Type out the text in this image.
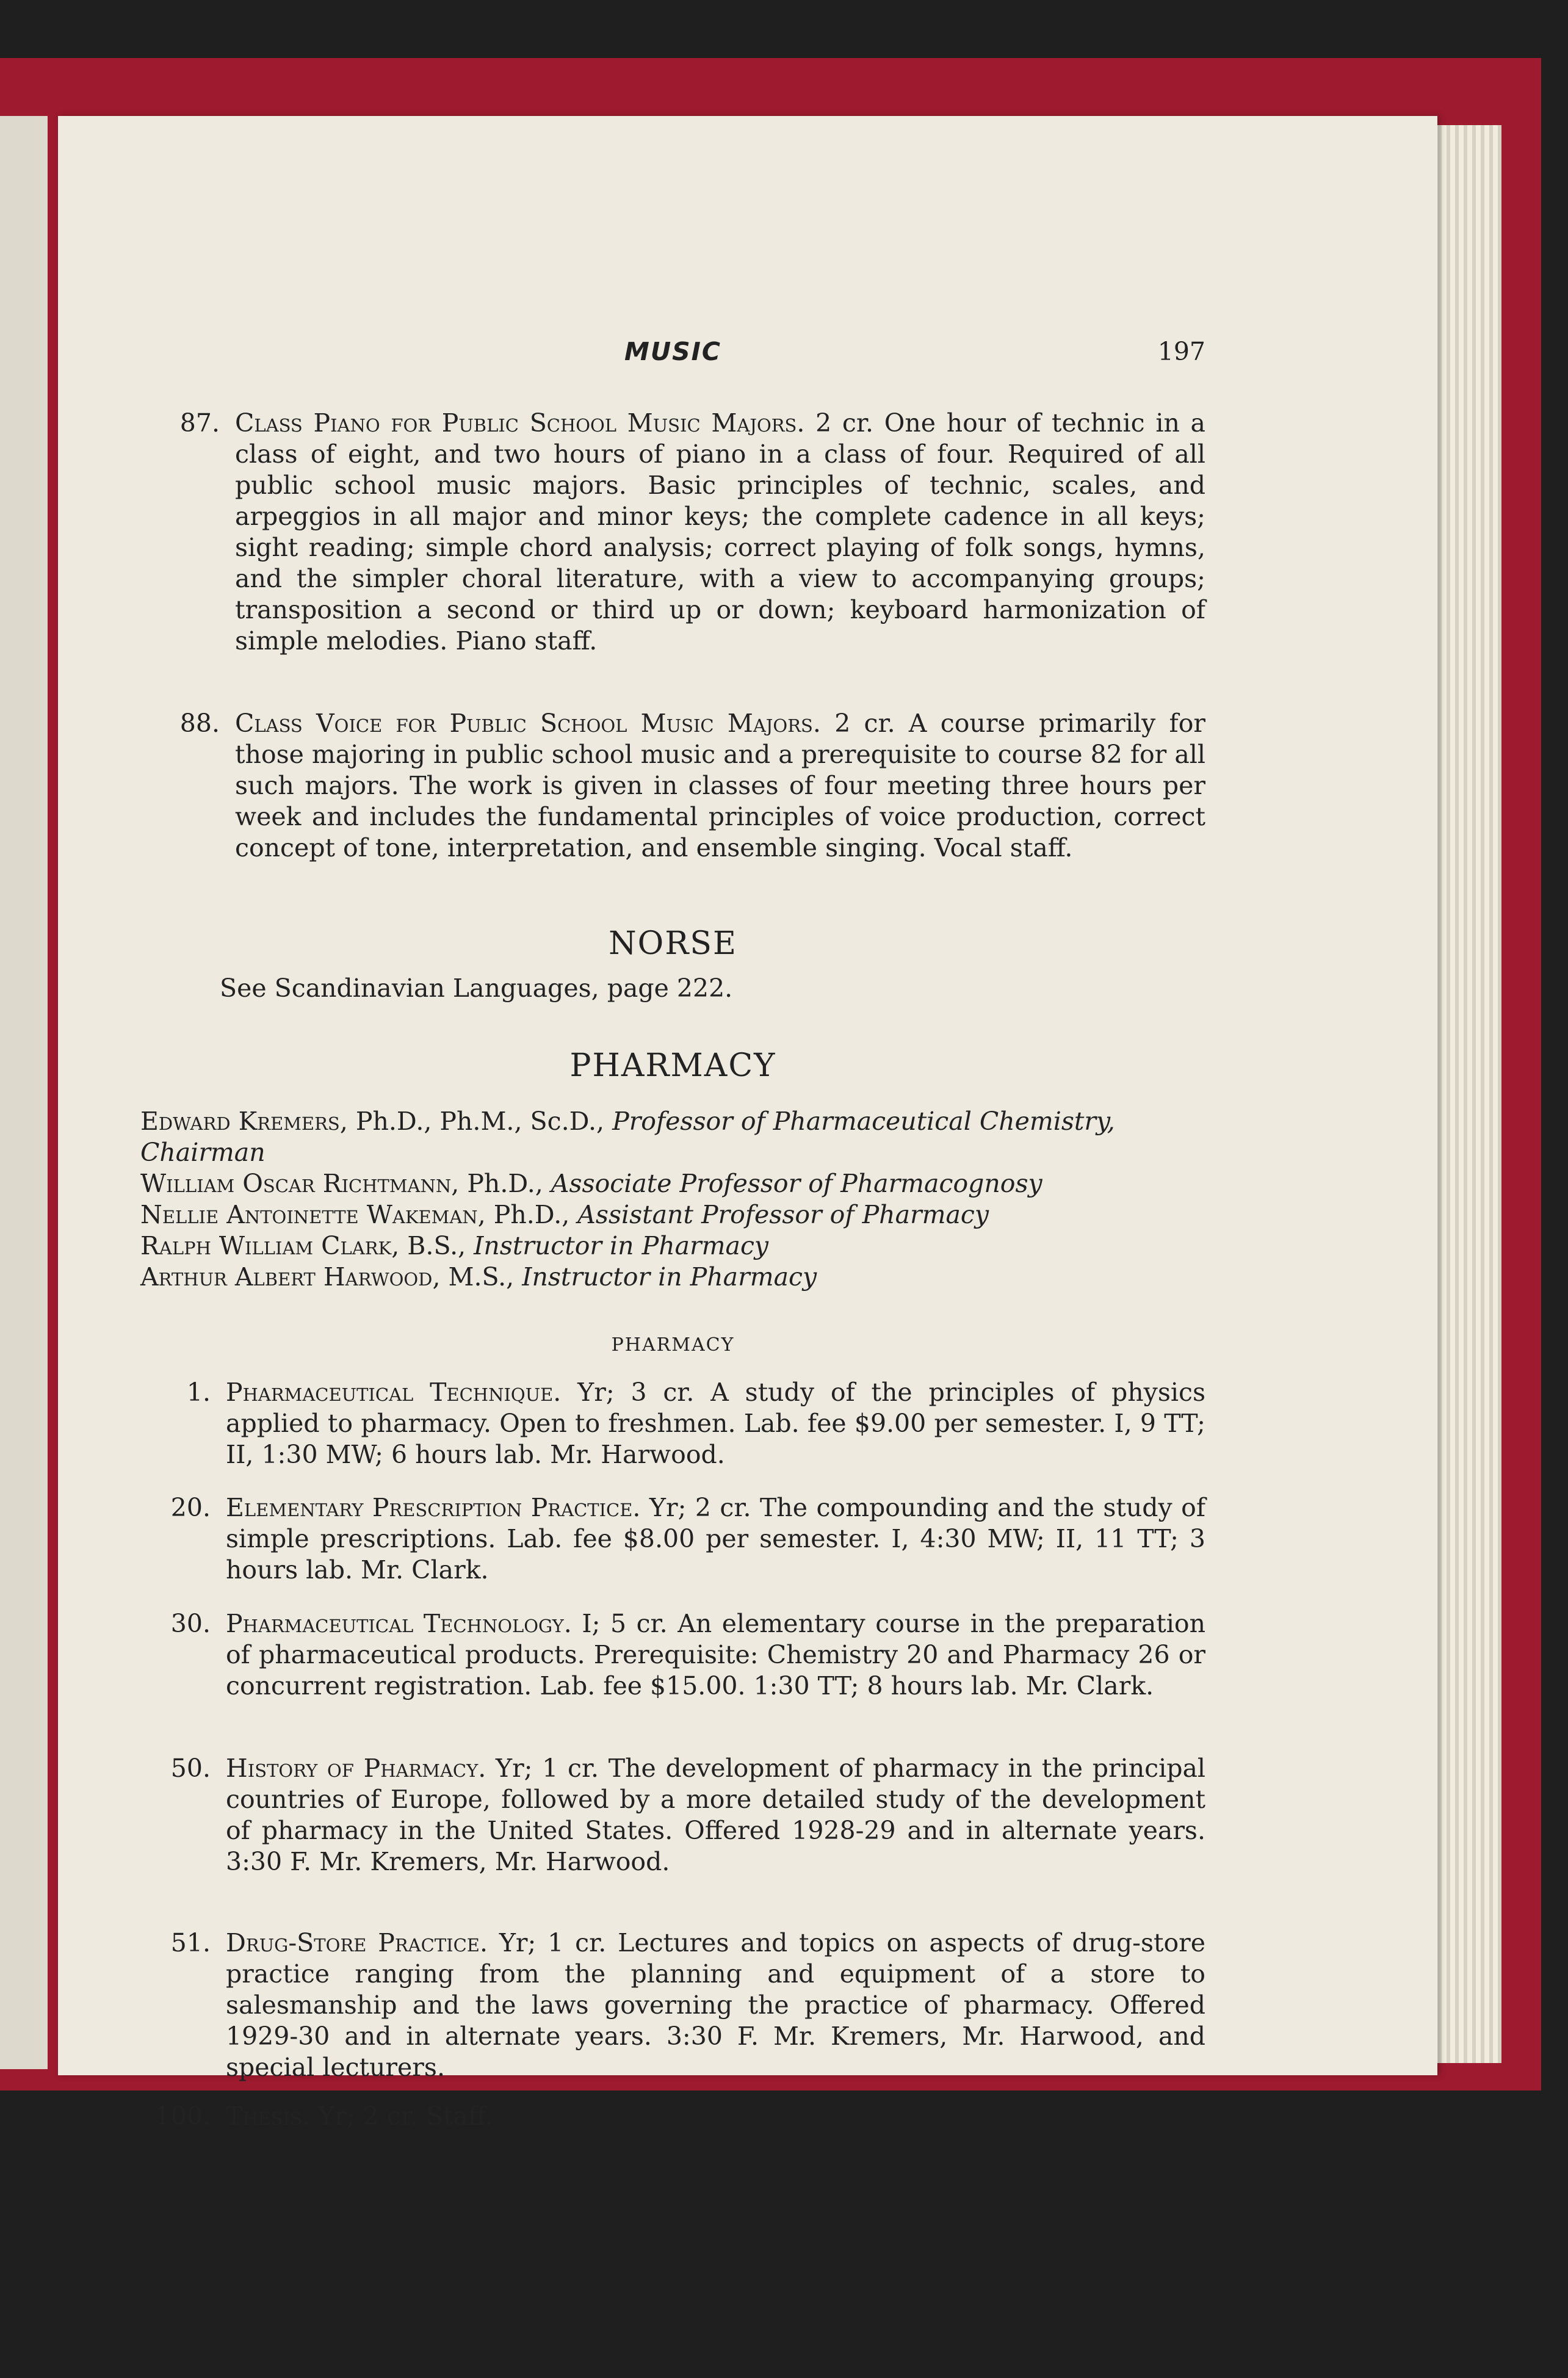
MUSIC	197
87. Class Piano for Public School Music Majors. 2 cr. One hour of technic in a class of eight, and two hours of piano in a class of four. Required of all public school music majors. Basic principles of technic, scales, and arpeggios in all major and minor keys; the complete cadence in all keys; sight reading; simple chord analysis; correct playing of folk songs, hymns, and the simpler choral literature, with a view to accompanying groups; transposition a second or third up or down; keyboard harmonization of simple melodies. Piano staff.
88. Class Voice for Public School Music Majors. 2 cr. A course primarily for those majoring in public school music and a prerequisite to course 82 for all such majors. The work is given in classes of four meeting three hours per week and includes the fundamental principles of voice production, correct concept of tone, interpretation, and ensemble singing. Vocal staff.
NORSE
See Scandinavian Languages, page 222.
PHARMACY
Edward Kremers, Ph.D., Ph.M., Sc.D., Professor of Pharmaceutical Chemistry, Chairman
William Oscar Richtmann, Ph.D., Associate Professor of Pharmacognosy
Nellie Antoinette Wakeman, Ph.D., Assistant Professor of Pharmacy
Ralph William Clark, B.S., Instructor in Pharmacy
Arthur Albert Harwood, M.S., Instructor in Pharmacy
PHARMACY
1. Pharmaceutical Technique. Yr; 3 cr. A study of the principles of physics applied to pharmacy. Open to freshmen. Lab. fee $9.00 per semester. I, 9 TT; II, 1:30 MW; 6 hours lab. Mr. Harwood.
20. Elementary Prescription Practice. Yr; 2 cr. The compounding and the study of simple prescriptions. Lab. fee $8.00 per semester. I, 4:30 MW; II, 11 TT; 3 hours lab. Mr. Clark.
30. Pharmaceutical Technology. I; 5 cr. An elementary course in the preparation of pharmaceutical products. Prerequisite: Chemistry 20 and Pharmacy 26 or concurrent registration. Lab. fee $15.00. 1:30 TT; 8 hours lab. Mr. Clark.
50. History of Pharmacy. Yr; 1 cr. The development of pharmacy in the principal countries of Europe, followed by a more detailed study of the development of pharmacy in the United States. Offered 1928-29 and in alternate years. 3:30 F. Mr. Kremers, Mr. Harwood.
51. Drug-Store Practice. Yr; 1 cr. Lectures and topics on aspects of drug-store practice ranging from the planning and equipment of a store to salesmanship and the laws governing the practice of pharmacy. Offered 1929-30 and in alternate years. 3:30 F. Mr. Kremers, Mr. Harwood, and special lecturers.
100. Thesis. Yr; 2 cr. Staff.
